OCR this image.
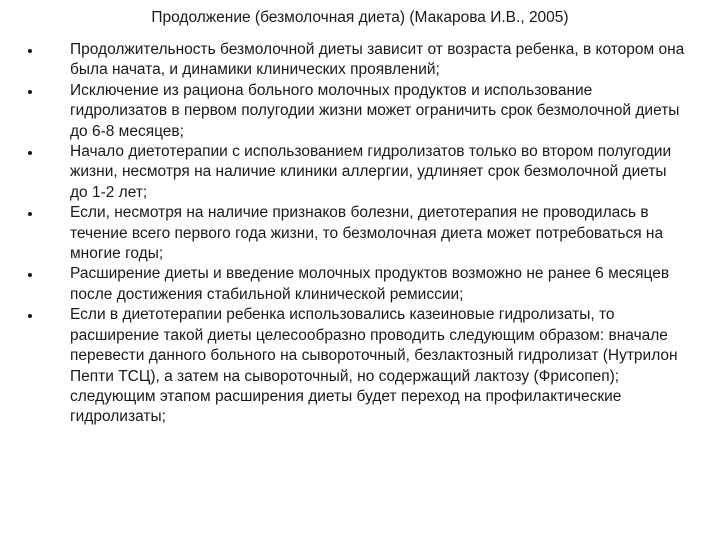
Продолжение (безмолочная диета) (Макарова И.В., 2005)
Продолжительность безмолочной диеты зависит от возраста ребенка, в котором она была начата, и динамики клинических проявлений;
Исключение из рациона больного молочных продуктов и использование гидролизатов в первом полугодии жизни может ограничить срок безмолочной диеты до 6-8 месяцев;
Начало диетотерапии с использованием гидролизатов только во втором полугодии жизни, несмотря на наличие клиники аллергии, удлиняет срок безмолочной диеты до 1-2 лет;
Если, несмотря на наличие признаков болезни, диетотерапия не проводилась в течение всего первого года жизни, то безмолочная диета может потребоваться на многие годы;
Расширение диеты и введение молочных продуктов возможно не ранее 6 месяцев после достижения стабильной клинической ремиссии;
Если в диетотерапии ребенка использовались казеиновые гидролизаты, то расширение такой диеты целесообразно проводить следующим образом: вначале перевести данного больного на сывороточный, безлактозный гидролизат (Нутрилон Пепти ТСЦ), а затем на сывороточный, но содержащий лактозу (Фрисопеп); следующим этапом расширения диеты будет переход на профилактические гидролизаты;
